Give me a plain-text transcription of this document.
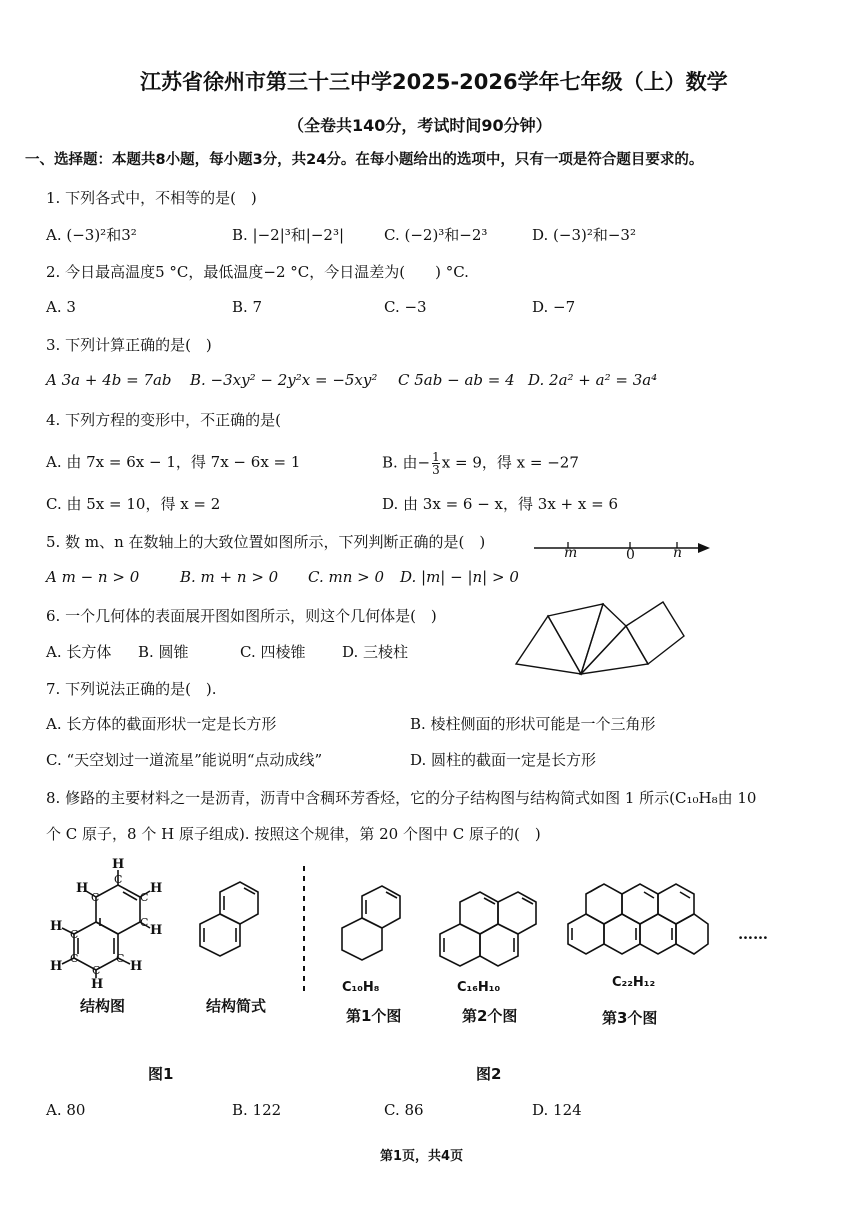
江苏省徐州市第三十三中学2025-2026学年七年级（上）数学
（全卷共140分，考试时间90分钟）
一、选择题：本题共8小题，每小题3分，共24分。在每小题给出的选项中，只有一项是符合题目要求的。
1. 下列各式中，不相等的是(　)
A. (−3)²和3²	B. |−2|³和|−2³|	C. (−2)³和−2³	D. (−3)²和−3²
2. 今日最高温度5 °C，最低温度−2 °C，今日温差为(　　) °C.
A. 3	B. 7	C. −3	D. −7
3. 下列计算正确的是(　)
A 3a + 4b = 7ab B. −3xy² − 2y²x = −5xy² C 5ab − ab = 4 D. 2a² + a² = 3a⁴
4. 下列方程的变形中，不正确的是(
A. 由 7x = 6x − 1，得 7x − 6x = 1	B. 由− $\frac{1}{3}$ x = 9，得 x = −27
C. 由 5x = 10，得 x = 2	D. 由 3x = 6 − x，得 3x + x = 6
5. 数 m、n 在数轴上的大致位置如图所示，下列判断正确的是(　)
m	0	n
A m − n > 0	B. m + n > 0 C. mn > 0 D. |m| − |n| > 0
6. 一个几何体的表面展开图如图所示，则这个几何体是(　)
A. 长方体 B. 圆锥	C. 四棱锥 D. 三棱柱
7. 下列说法正确的是(　).
A. 长方体的截面形状一定是长方形	B. 棱柱侧面的形状可能是一个三角形
C. “天空划过一道流星”能说明“点动成线”	D. 圆柱的截面一定是长方形
8. 修路的主要材料之一是沥青，沥青中含稠环芳香烃，它的分子结构图与结构简式如图 1 所示(C₁₀H₈由 10
个 C 原子，8 个 H 原子组成). 按照这个规律，第 20 个图中 C 原子的(　)
H
H
H
H
H
H
H
H
C
C
C
C
C
C
C
C
结构图	结构简式
C₁₀H₈
第1个图
C₁₆H₁₀
第2个图
C₂₂H₁₂
第3个图
……
图1	图2
A. 80	B. 122	C. 86	D. 124
第1页，共4页
